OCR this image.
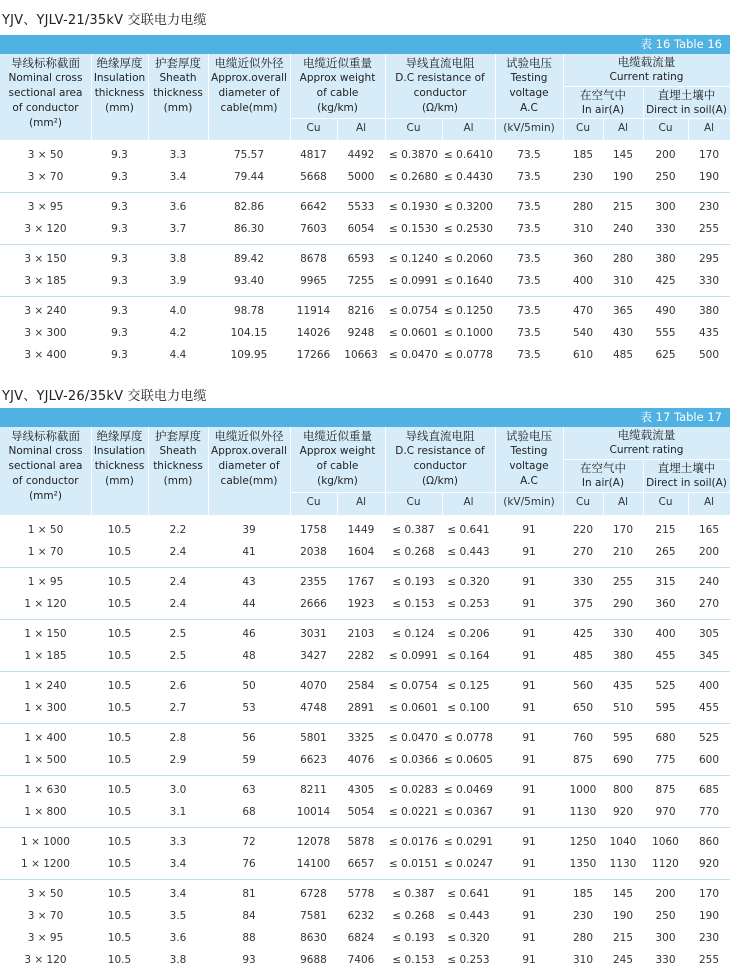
YJV、YJLV-21/35kV 交联电力电缆
表 16 Table 16
导线标称截面
Nominal cross
sectional area
of conductor
(mm²)
绝缘厚度
Insulation
thickness
(mm)
护套厚度
Sheath
thickness
(mm)
电缆近似外径
Approx.overall
diameter of
cable(mm)
电缆近似重量
Approx weight
of cable
(kg/km)
导线直流电阻
D.C resistance of
conductor
(Ω/km)
试验电压
Testing
voltage
A.C
电缆载流量
Current rating
在空气中
In air(A)
直埋土壤中
Direct in soil(A)
(kV/5min)
Cu	Al	Cu	Al	Cu	Al	Cu	Al
3 × 50	9.3	3.3	75.57	4817	4492	≤ 0.3870 ≤ 0.6410	73.5	185	145	200	170
3 × 70	9.3	3.4	79.44	5668	5000	≤ 0.2680 ≤ 0.4430	73.5	230	190	250	190
3 × 95	9.3	3.6	82.86	6642	5533	≤ 0.1930 ≤ 0.3200	73.5	280	215	300	230
3 × 120	9.3	3.7	86.30	7603	6054	≤ 0.1530 ≤ 0.2530	73.5	310	240	330	255
3 × 150	9.3	3.8	89.42	8678	6593	≤ 0.1240 ≤ 0.2060	73.5	360	280	380	295
3 × 185	9.3	3.9	93.40	9965	7255	≤ 0.0991 ≤ 0.1640	73.5	400	310	425	330
3 × 240	9.3	4.0	98.78	11914	8216	≤ 0.0754 ≤ 0.1250	73.5	470	365	490	380
3 × 300	9.3	4.2	104.15	14026	9248	≤ 0.0601 ≤ 0.1000	73.5	540	430	555	435
3 × 400	9.3	4.4	109.95	17266	10663	≤ 0.0470 ≤ 0.0778	73.5	610	485	625	500
YJV、YJLV-26/35kV 交联电力电缆
表 17 Table 17
导线标称截面
Nominal cross
sectional area
of conductor
(mm²)
绝缘厚度
Insulation
thickness
(mm)
护套厚度
Sheath
thickness
(mm)
电缆近似外径
Approx.overall
diameter of
cable(mm)
电缆近似重量
Approx weight
of cable
(kg/km)
导线直流电阻
D.C resistance of
conductor
(Ω/km)
试验电压
Testing
voltage
A.C
电缆载流量
Current rating
在空气中
In air(A)
直埋土壤中
Direct in soil(A)
(kV/5min)
Cu	Al	Cu	Al	Cu	Al	Cu	Al
1 × 50	10.5	2.2	39	1758	1449	≤ 0.387	≤ 0.641	91	220	170	215	165
1 × 70	10.5	2.4	41	2038	1604	≤ 0.268	≤ 0.443	91	270	210	265	200
1 × 95	10.5	2.4	43	2355	1767	≤ 0.193	≤ 0.320	91	330	255	315	240
1 × 120	10.5	2.4	44	2666	1923	≤ 0.153	≤ 0.253	91	375	290	360	270
1 × 150	10.5	2.5	46	3031	2103	≤ 0.124	≤ 0.206	91	425	330	400	305
1 × 185	10.5	2.5	48	3427	2282	≤ 0.0991 ≤ 0.164	91	485	380	455	345
1 × 240	10.5	2.6	50	4070	2584	≤ 0.0754 ≤ 0.125	91	560	435	525	400
1 × 300	10.5	2.7	53	4748	2891	≤ 0.0601 ≤ 0.100	91	650	510	595	455
1 × 400	10.5	2.8	56	5801	3325	≤ 0.0470 ≤ 0.0778	91	760	595	680	525
1 × 500	10.5	2.9	59	6623	4076	≤ 0.0366 ≤ 0.0605	91	875	690	775	600
1 × 630	10.5	3.0	63	8211	4305	≤ 0.0283 ≤ 0.0469	91	1000	800	875	685
1 × 800	10.5	3.1	68	10014	5054	≤ 0.0221 ≤ 0.0367	91	1130	920	970	770
1 × 1000	10.5	3.3	72	12078	5878	≤ 0.0176 ≤ 0.0291	91	1250	1040	1060	860
1 × 1200	10.5	3.4	76	14100	6657	≤ 0.0151 ≤ 0.0247	91	1350	1130	1120	920
3 × 50	10.5	3.4	81	6728	5778	≤ 0.387	≤ 0.641	91	185	145	200	170
3 × 70	10.5	3.5	84	7581	6232	≤ 0.268	≤ 0.443	91	230	190	250	190
3 × 95	10.5	3.6	88	8630	6824	≤ 0.193	≤ 0.320	91	280	215	300	230
3 × 120	10.5	3.8	93	9688	7406	≤ 0.153	≤ 0.253	91	310	245	330	255
